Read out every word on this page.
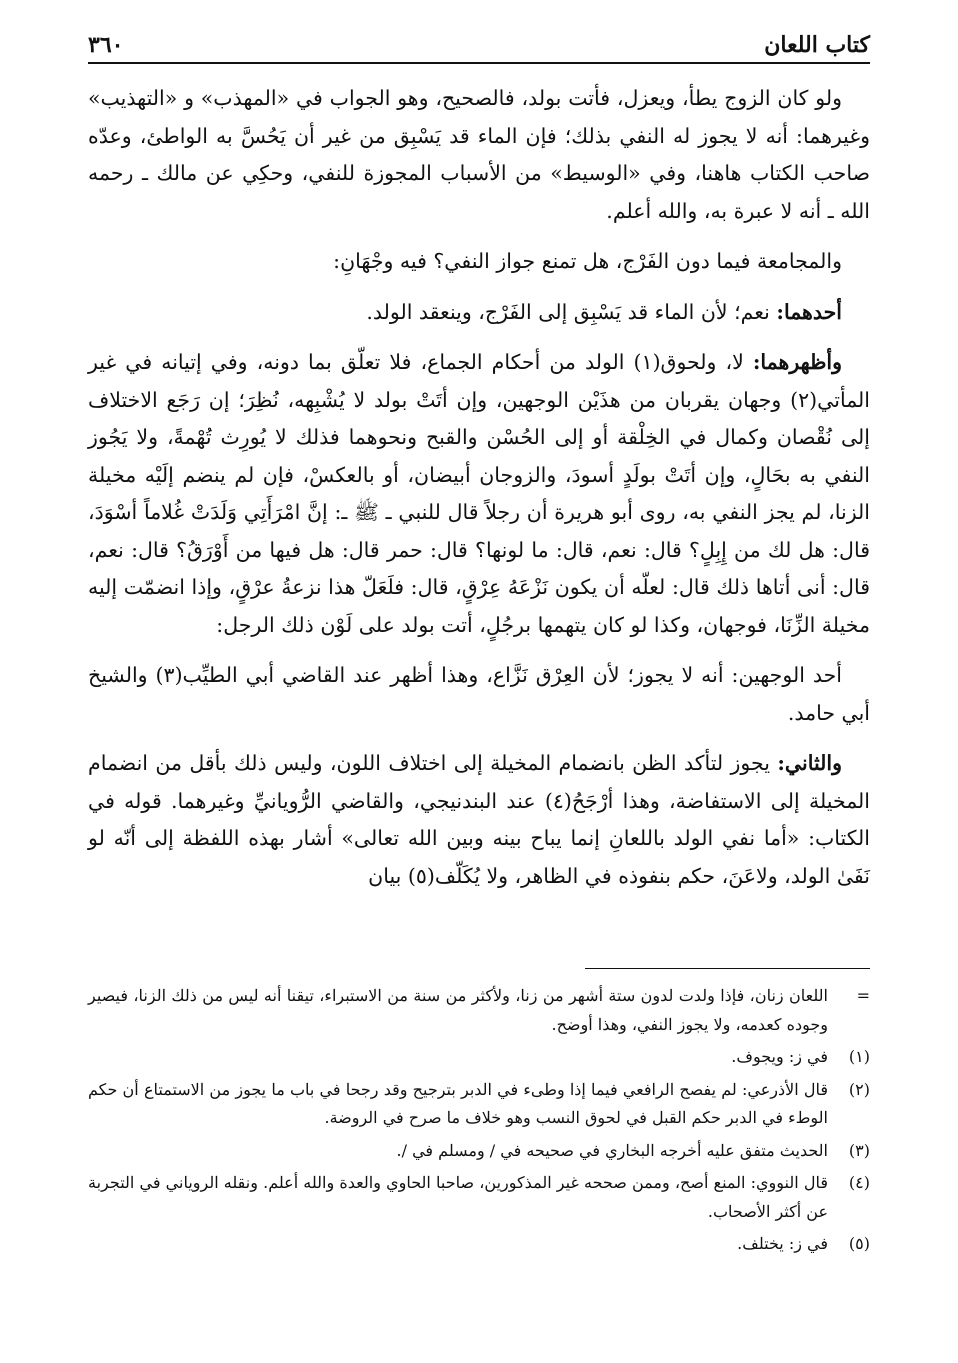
كتاب اللعان
٣٦٠

ولو كان الزوج يطأ، ويعزل، فأتت بولد، فالصحيح، وهو الجواب في «المهذب» و «التهذيب» وغيرهما: أنه لا يجوز له النفي بذلك؛ فإن الماء قد يَسْبِق من غير أن يَحُسَّ به الواطئ، وعدّه صاحب الكتاب هاهنا، وفي «الوسيط» من الأسباب المجوزة للنفي، وحكِي عن مالك ـ رحمه الله ـ أنه لا عبرة به، والله أعلم.

والمجامعة فيما دون الفَرْج، هل تمنع جواز النفي؟ فيه وجْهَانِ:

أحدهما: نعم؛ لأن الماء قد يَسْبِق إلى الفَرْج، وينعقد الولد.

وأظهرهما: لا، ولحوق(١) الولد من أحكام الجماع، فلا تعلّق بما دونه، وفي إتيانه في غير المأتي(٢) وجهان يقربان من هذَيْن الوجهين، وإن أتَتْ بولد لا يُشْبِهه، نُظِرَ؛ إن رَجَع الاختلاف إلى نُقْصان وكمال في الخِلْقة أو إلى الحُسْن والقبح ونحوهما فذلك لا يُورِث تُهْمةً، ولا يَجُوز النفي به بحَالٍ، وإن أتَتْ بولَدٍ أسودَ، والزوجان أبيضان، أو بالعكسْ، فإن لم ينضم إلَيْه مخيلة الزنا، لم يجز النفي به، روى أبو هريرة أن رجلاً قال للنبي ـ ﷺ ـ: إنَّ امْرَأَتِي وَلَدَتْ غُلاماً أسْوَدَ، قال: هل لك من إِبِلٍ؟ قال: نعم، قال: ما لونها؟ قال: حمر قال: هل فيها من أَوْرَقُ؟ قال: نعم، قال: أنى أتاها ذلك قال: لعلّه أن يكون نَزْعَهُ عِرْقٍ، قال: فلَعَلّ هذا نزعةُ عرْقٍ، وإذا انضمّت إليه مخيلة الزِّنَا، فوجهان، وكذا لو كان يتهمها برجُلٍ، أتت بولد على لَوْن ذلك الرجل:

أحد الوجهين: أنه لا يجوز؛ لأن العِرْق نَزَّاع، وهذا أظهر عند القاضي أبي الطيِّب(٣) والشيخ أبي حامد.

والثاني: يجوز لتأكد الظن بانضمام المخيلة إلى اختلاف اللون، وليس ذلك بأقل من انضمام المخيلة إلى الاستفاضة، وهذا أرْجَحُ(٤) عند البندنيجي، والقاضي الرُّويانيِّ وغيرهما. قوله في الكتاب: «أما نفي الولد باللعانِ إنما يباح بينه وبين الله تعالى» أشار بهذه اللفظة إلى أنّه لو نَفَىٰ الولد، ولاعَنَ، حكم بنفوذه في الظاهر، ولا يُكَلّف(٥) بيان

=
اللعان زنان، فإذا ولدت لدون ستة أشهر من زنا، ولأكثر من سنة من الاستبراء، تيقنا أنه ليس من ذلك الزنا، فيصير وجوده كعدمه، ولا يجوز النفي، وهذا أوضح.
(١)
في ز: ويجوف.
(٢)
قال الأذرعي: لم يفصح الرافعي فيما إذا وطىء في الدبر بترجيح وقد رجحا في باب ما يجوز من الاستمتاع أن حكم الوطء في الدبر حكم القبل في لحوق النسب وهو خلاف ما صرح في الروضة.
(٣)
الحديث متفق عليه أخرجه البخاري في صحيحه في / ومسلم في /.
(٤)
قال النووي: المنع أصح، وممن صححه غير المذكورين، صاحبا الحاوي والعدة والله أعلم. ونقله الروياني في التجربة عن أكثر الأصحاب.
(٥)
في ز: يختلف.
